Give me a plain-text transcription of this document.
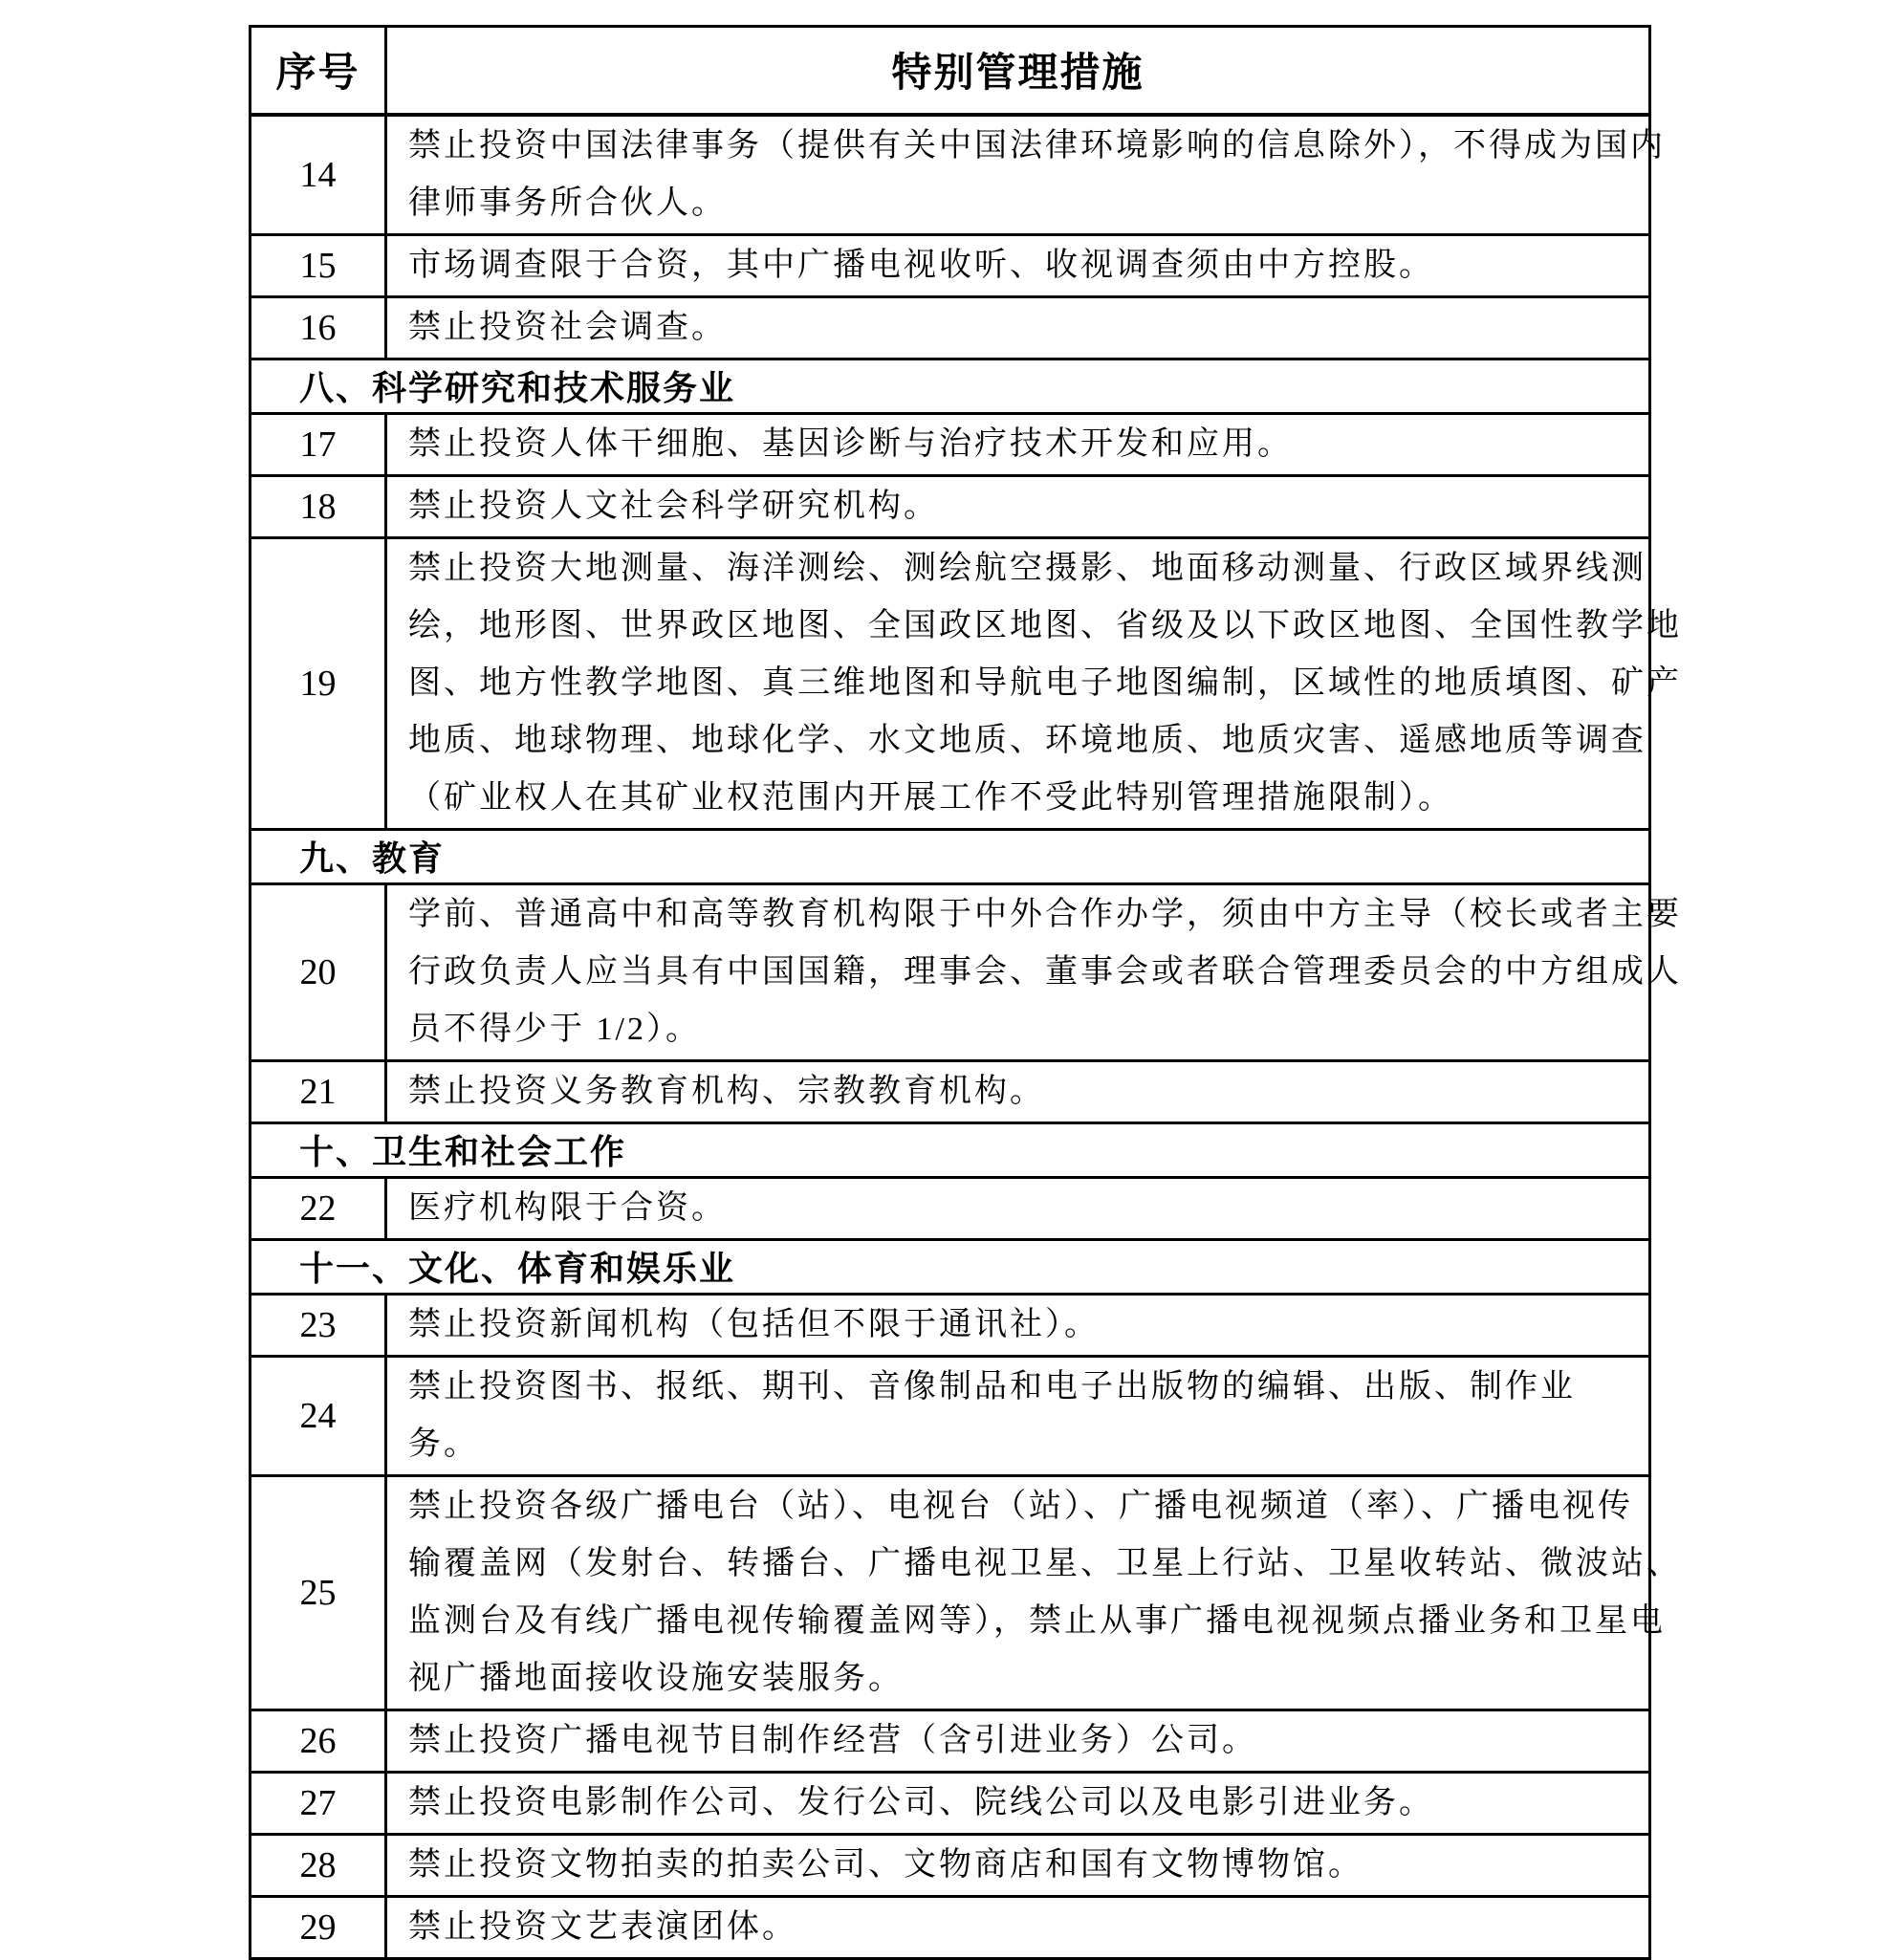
序号	特别管理措施
14	禁止投资中国法律事务（提供有关中国法律环境影响的信息除外），不得成为国内
律师事务所合伙人。

15	市场调查限于合资，其中广播电视收听、收视调查须由中方控股。

16	禁止投资社会调查。

八、科学研究和技术服务业	
17	禁止投资人体干细胞、基因诊断与治疗技术开发和应用。

18	禁止投资人文社会科学研究机构。

19	禁止投资大地测量、海洋测绘、测绘航空摄影、地面移动测量、行政区域界线测
绘，地形图、世界政区地图、全国政区地图、省级及以下政区地图、全国性教学地
图、地方性教学地图、真三维地图和导航电子地图编制，区域性的地质填图、矿产
地质、地球物理、地球化学、水文地质、环境地质、地质灾害、遥感地质等调查
（矿业权人在其矿业权范围内开展工作不受此特别管理措施限制）。

九、教育	
20	学前、普通高中和高等教育机构限于中外合作办学，须由中方主导（校长或者主要
行政负责人应当具有中国国籍，理事会、董事会或者联合管理委员会的中方组成人
员不得少于 1/2）。

21	禁止投资义务教育机构、宗教教育机构。

十、卫生和社会工作	
22	医疗机构限于合资。

十一、文化、体育和娱乐业	
23	禁止投资新闻机构（包括但不限于通讯社）。

24	禁止投资图书、报纸、期刊、音像制品和电子出版物的编辑、出版、制作业务。

25	禁止投资各级广播电台（站）、电视台（站）、广播电视频道（率）、广播电视传
输覆盖网（发射台、转播台、广播电视卫星、卫星上行站、卫星收转站、微波站、
监测台及有线广播电视传输覆盖网等），禁止从事广播电视视频点播业务和卫星电
视广播地面接收设施安装服务。

26	禁止投资广播电视节目制作经营（含引进业务）公司。

27	禁止投资电影制作公司、发行公司、院线公司以及电影引进业务。

28	禁止投资文物拍卖的拍卖公司、文物商店和国有文物博物馆。

29	禁止投资文艺表演团体。
